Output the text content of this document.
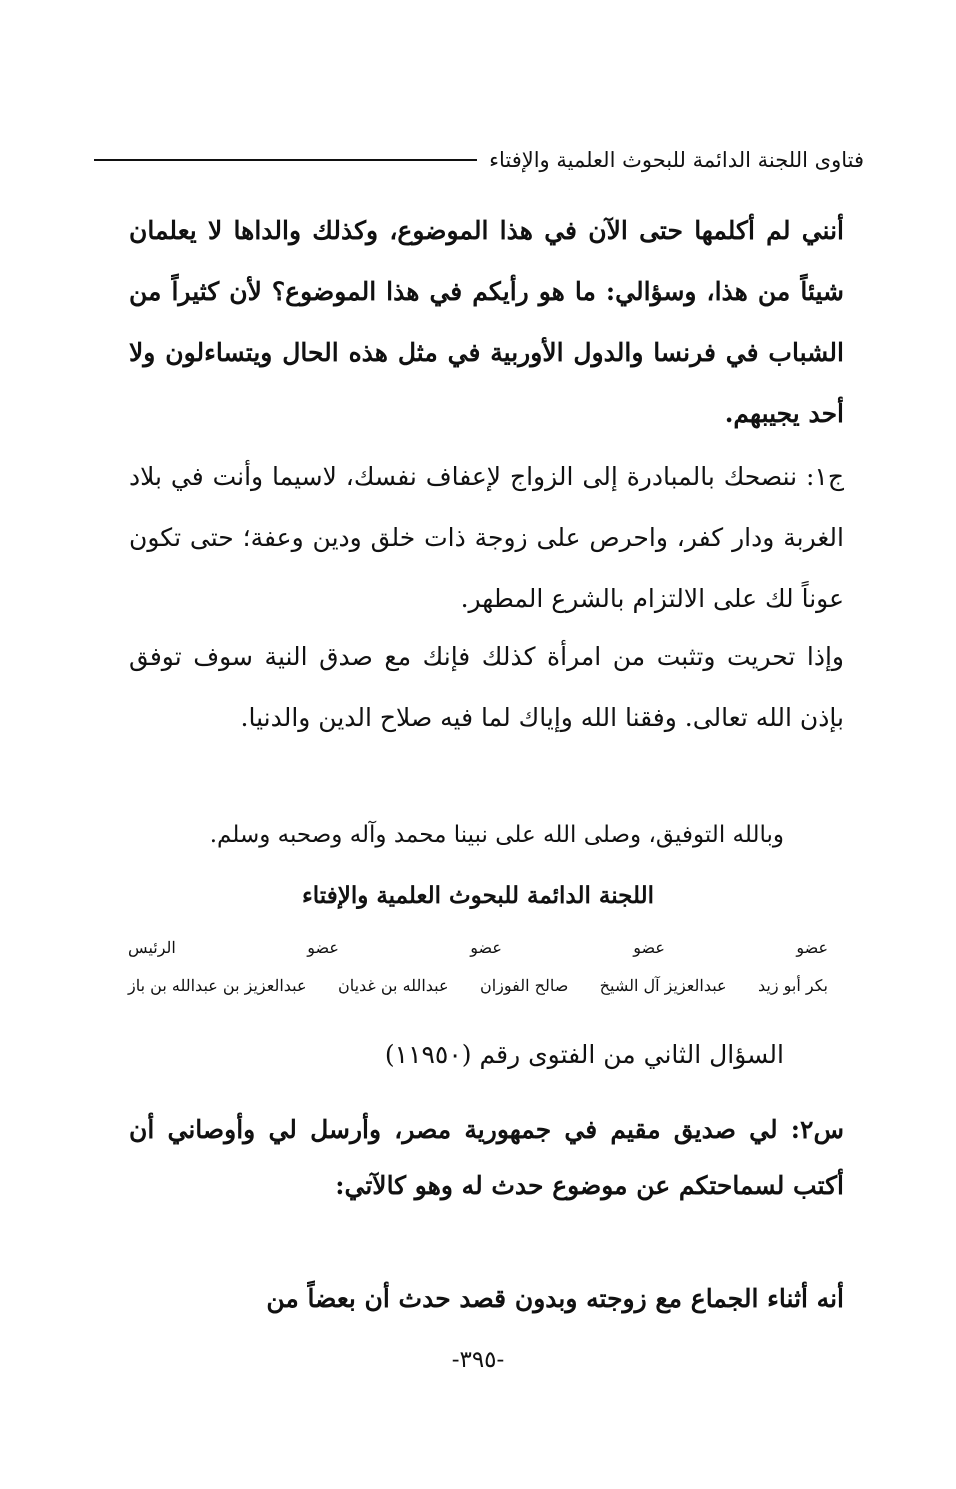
فتاوى اللجنة الدائمة للبحوث العلمية والإفتاء
أنني لم أكلمها حتى الآن في هذا الموضوع، وكذلك والداها لا يعلمان شيئاً من هذا، وسؤالي: ما هو رأيكم في هذا الموضوع؟ لأن كثيراً من الشباب في فرنسا والدول الأوربية في مثل هذه الحال ويتساءلون ولا أحد يجيبهم.
ج١: ننصحك بالمبادرة إلى الزواج لإعفاف نفسك، لاسيما وأنت في بلاد الغربة ودار كفر، واحرص على زوجة ذات خلق ودين وعفة؛ حتى تكون عوناً لك على الالتزام بالشرع المطهر.
وإذا تحريت وتثبت من امرأة كذلك فإنك مع صدق النية سوف توفق بإذن الله تعالى. وفقنا الله وإياك لما فيه صلاح الدين والدنيا.
وبالله التوفيق، وصلى الله على نبينا محمد وآله وصحبه وسلم.
اللجنة الدائمة للبحوث العلمية والإفتاء
عضو
عضو
عضو
عضو
الرئيس
بكر أبو زيد
عبدالعزيز آل الشيخ
صالح الفوزان
عبدالله بن غديان
عبدالعزيز بن عبدالله بن باز
السؤال الثاني من الفتوى رقم (١١٩٥٠)
س٢: لي صديق مقيم في جمهورية مصر، وأرسل لي وأوصاني أن أكتب لسماحتكم عن موضوع حدث له وهو كالآتي:
أنه أثناء الجماع مع زوجته وبدون قصد حدث أن بعضاً من
-٣٩٥-
